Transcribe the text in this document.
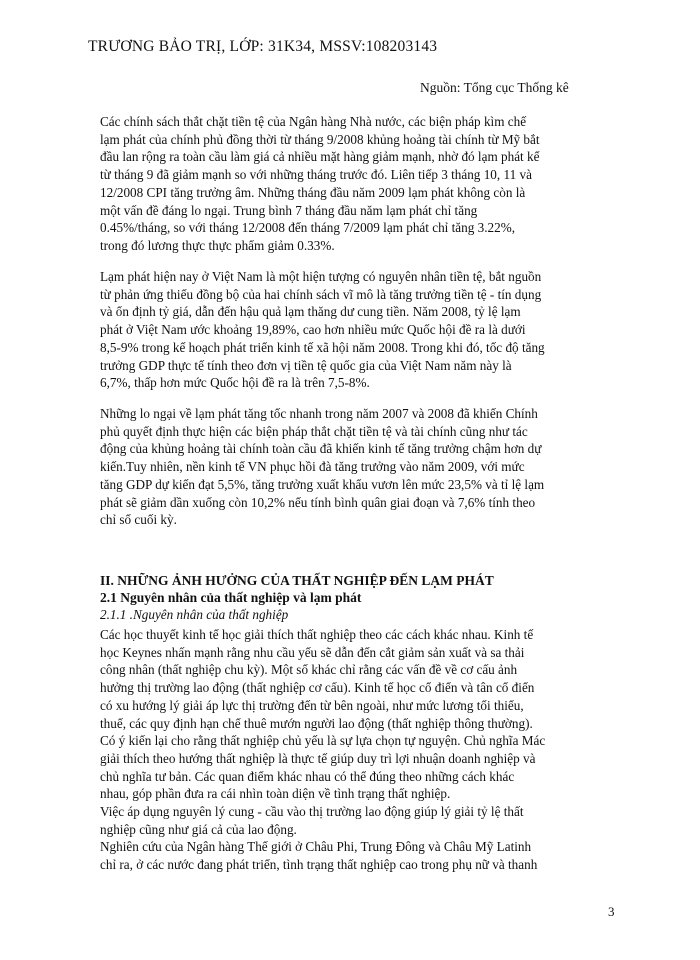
TRƯƠNG BẢO TRỊ, LỚP: 31K34, MSSV:108203143
Nguồn: Tổng cục Thống kê
Các chính sách thắt chặt tiền tệ của Ngân hàng Nhà nước, các biện pháp kìm chế
lạm phát của chính phủ đồng thời từ tháng 9/2008 khủng hoảng tài chính từ Mỹ bắt
đầu lan rộng ra toàn cầu làm giá cả nhiều mặt hàng giảm mạnh, nhờ đó lạm phát kể
từ tháng 9 đã giảm mạnh so với những tháng trước đó. Liên tiếp 3 tháng 10, 11 và
12/2008 CPI tăng trưởng âm. Những tháng đầu năm 2009 lạm phát không còn là
một vấn đề đáng lo ngại. Trung bình 7 tháng đầu năm lạm phát chỉ tăng
0.45%/tháng, so với tháng 12/2008 đến tháng 7/2009 lạm phát chỉ tăng 3.22%,
trong đó lương thực thực phẩm giảm 0.33%.
Lạm phát hiện nay ở Việt Nam là một hiện tượng có nguyên nhân tiền tệ, bắt nguồn
từ phản ứng thiếu đồng bộ của hai chính sách vĩ mô là tăng trưởng tiền tệ - tín dụng
và ổn định tỷ giá, dẫn đến hậu quả lạm thăng dư cung tiền. Năm 2008, tỷ lệ lạm
phát ở Việt Nam ước khoảng 19,89%, cao hơn nhiều mức Quốc hội đề ra là dưới
8,5-9% trong kế hoạch phát triển kinh tế xã hội năm 2008. Trong khi đó, tốc độ tăng
trưởng GDP thực tế tính theo đơn vị tiền tệ quốc gia của Việt Nam năm này là
6,7%, thấp hơn mức Quốc hội đề ra là trên 7,5-8%.
Những lo ngại về lạm phát tăng tốc nhanh trong năm 2007 và 2008 đã khiến Chính
phủ quyết định thực hiện các biện pháp thắt chặt tiền tệ và tài chính cũng như tác
động của khủng hoảng tài chính toàn cầu đã khiến kinh tế tăng trưởng chậm hơn dự
kiến.Tuy nhiên, nền kinh tế VN phục hồi đà tăng trưởng vào năm 2009, với mức
tăng GDP dự kiến đạt 5,5%, tăng trưởng xuất khẩu vươn lên mức 23,5% và tỉ lệ lạm
phát sẽ giảm dần xuống còn 10,2% nếu tính bình quân giai đoạn và 7,6% tính theo
chỉ số cuối kỳ.
II. NHỮNG ẢNH HƯỞNG CỦA THẤT NGHIỆP ĐẾN LẠM PHÁT
2.1 Nguyên nhân của thất nghiệp và lạm phát
2.1.1 .Nguyên nhân của thất nghiệp
Các học thuyết kinh tế học giải thích thất nghiệp theo các cách khác nhau. Kinh tế
học Keynes nhấn mạnh rằng nhu cầu yếu sẽ dẫn đến cắt giảm sản xuất và sa thải
công nhân (thất nghiệp chu kỳ). Một số khác chỉ rằng các vấn đề về cơ cấu ảnh
hưởng thị trường lao động (thất nghiệp cơ cấu). Kinh tế học cổ điển và tân cổ điển
có xu hướng lý giải áp lực thị trường đến từ bên ngoài, như mức lương tối thiểu,
thuế, các quy định hạn chế thuê mướn người lao động (thất nghiệp thông thường).
Có ý kiến lại cho rằng thất nghiệp chủ yếu là sự lựa chọn tự nguyện. Chủ nghĩa Mác
giải thích theo hướng thất nghiệp là thực tế giúp duy trì lợi nhuận doanh nghiệp và
chủ nghĩa tư bản. Các quan điểm khác nhau có thể đúng theo những cách khác
nhau, góp phần đưa ra cái nhìn toàn diện về tình trạng thất nghiệp.
Việc áp dụng nguyên lý cung - cầu vào thị trường lao động giúp lý giải tỷ lệ thất
nghiệp cũng như giá cả của lao động.
Nghiên cứu của Ngân hàng Thế giới ở Châu Phi, Trung Đông và Châu Mỹ Latinh
chỉ ra, ở các nước đang phát triển, tình trạng thất nghiệp cao trong phụ nữ và thanh
3
